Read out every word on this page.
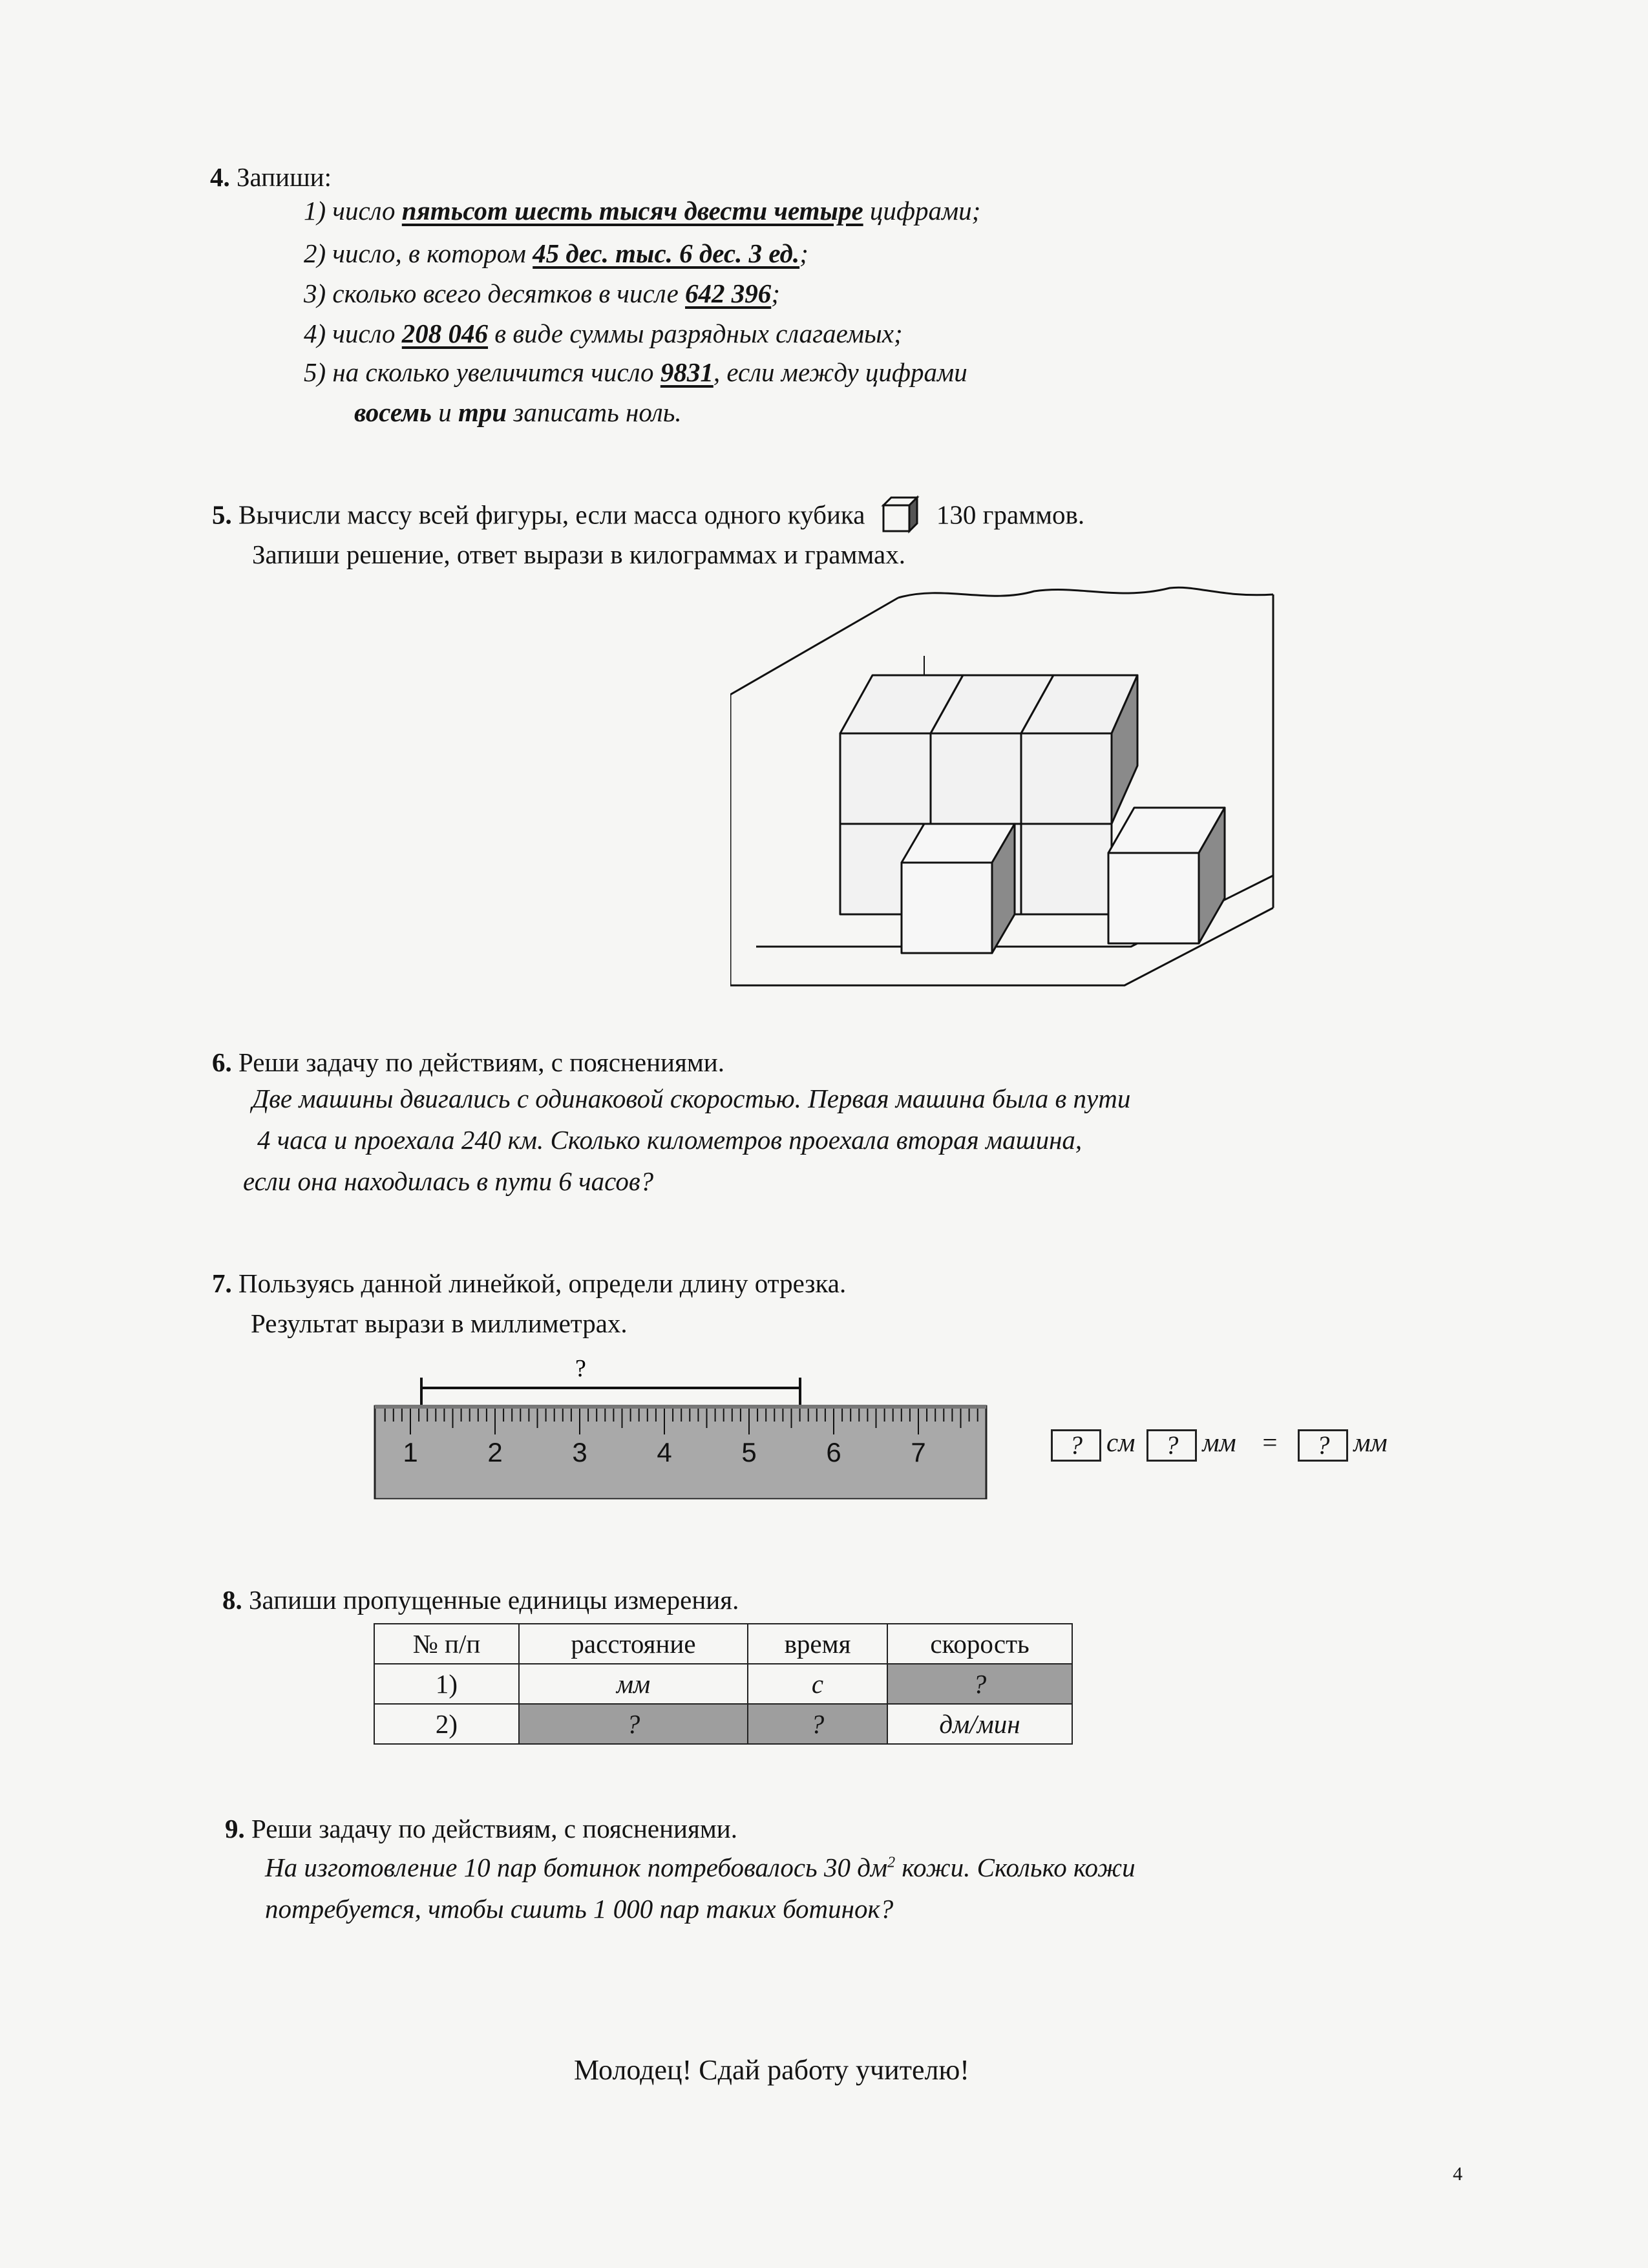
4. Запиши:
1) число пятьсот шесть тысяч двести четыре цифрами;
2) число, в котором 45 дес. тыс. 6 дес. 3 ед.;
3) сколько всего десятков в числе 642 396;
4) число 208 046 в виде суммы разрядных слагаемых;
5) на сколько увеличится число 9831, если между цифрами
восемь и три записать ноль.
5. Вычисли массу всей фигуры, если масса одного кубика	130 граммов.
Запиши решение, ответ вырази в килограммах и граммах.
6. Реши задачу по действиям, с пояснениями.
Две машины двигались с одинаковой скоростью. Первая машина была в пути
4 часа и проехала 240 км. Сколько километров проехала вторая машина,
если она находилась в пути 6 часов?
7. Пользуясь данной линейкой, определи длину отрезка.
Результат вырази в миллиметрах.
?
1	2	3	4	5	6	7	? см ? мм = ? мм
8. Запиши пропущенные единицы измерения.
№ п/п	расстояние	время	скорость
1)	мм	с	?
2)	?	?	дм/мин
9. Реши задачу по действиям, с пояснениями.
На изготовление 10 пар ботинок потребовалось 30 $дм^2$ кожи. Сколько кожи
потребуется, чтобы сшить 1 000 пар таких ботинок?
Молодец! Сдай работу учителю!
4
